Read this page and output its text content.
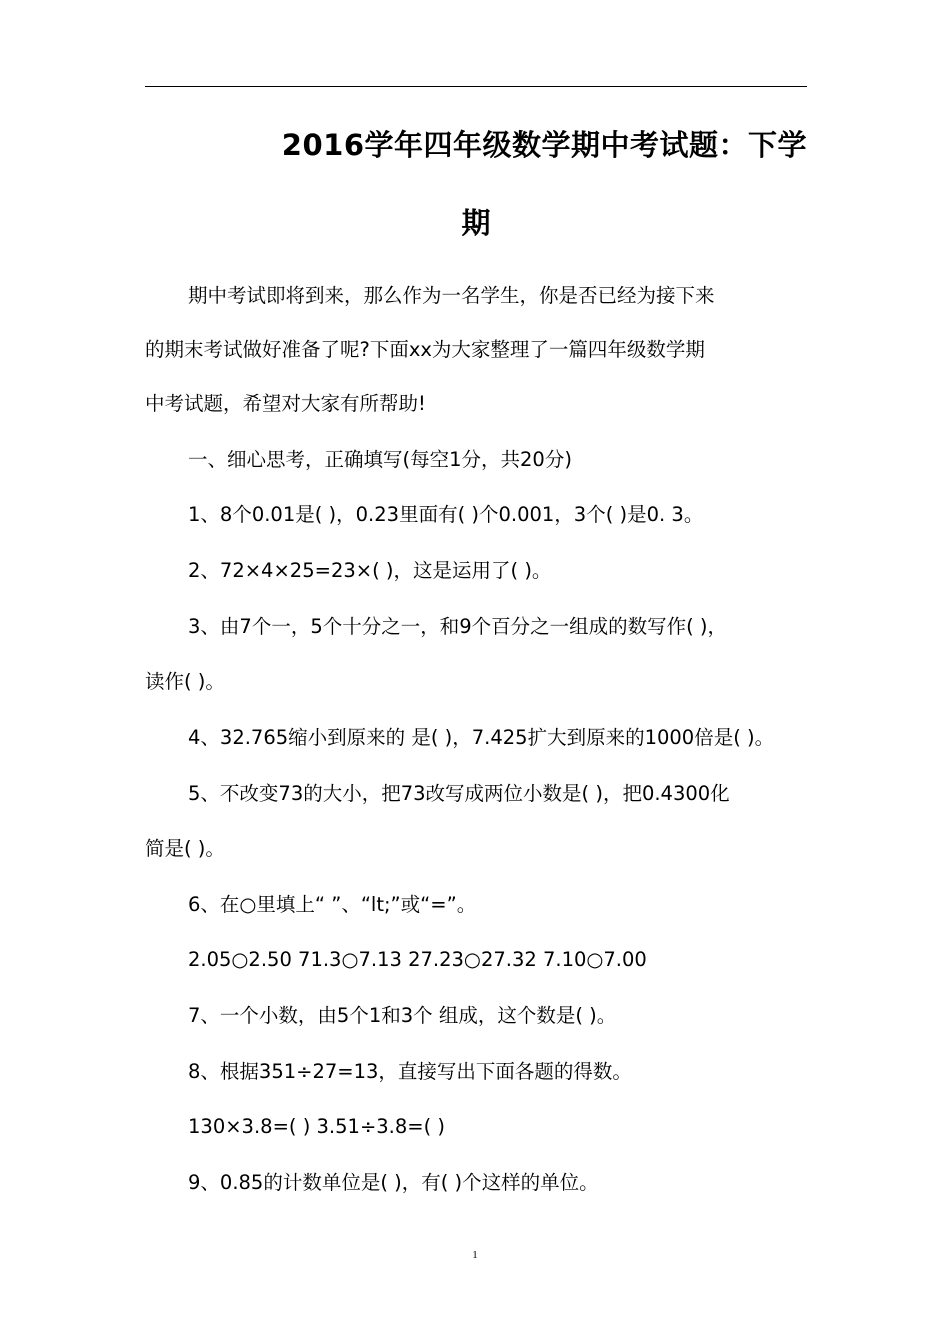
2016学年四年级数学期中考试题：下学
期
期中考试即将到来，那么作为一名学生，你是否已经为接下来
的期末考试做好准备了呢?下面xx为大家整理了一篇四年级数学期
中考试题，希望对大家有所帮助!
一、细心思考，正确填写(每空1分，共20分)
1、8个0.01是( )，0.23里面有( )个0.001，3个( )是0. 3。
2、72×4×25=23×( )，这是运用了( )。
3、由7个一，5个十分之一，和9个百分之一组成的数写作( )，
读作( )。
4、32.765缩小到原来的 是( )，7.425扩大到原来的1000倍是( )。
5、不改变73的大小，把73改写成两位小数是( )，把0.4300化
简是( )。
6、在○里填上“ ”、“lt;”或“=”。
2.05○2.50 71.3○7.13 27.23○27.32 7.10○7.00
7、一个小数，由5个1和3个 组成，这个数是( )。
8、根据351÷27=13，直接写出下面各题的得数。
130×3.8=( ) 3.51÷3.8=( )
9、0.85的计数单位是( )，有( )个这样的单位。
1
